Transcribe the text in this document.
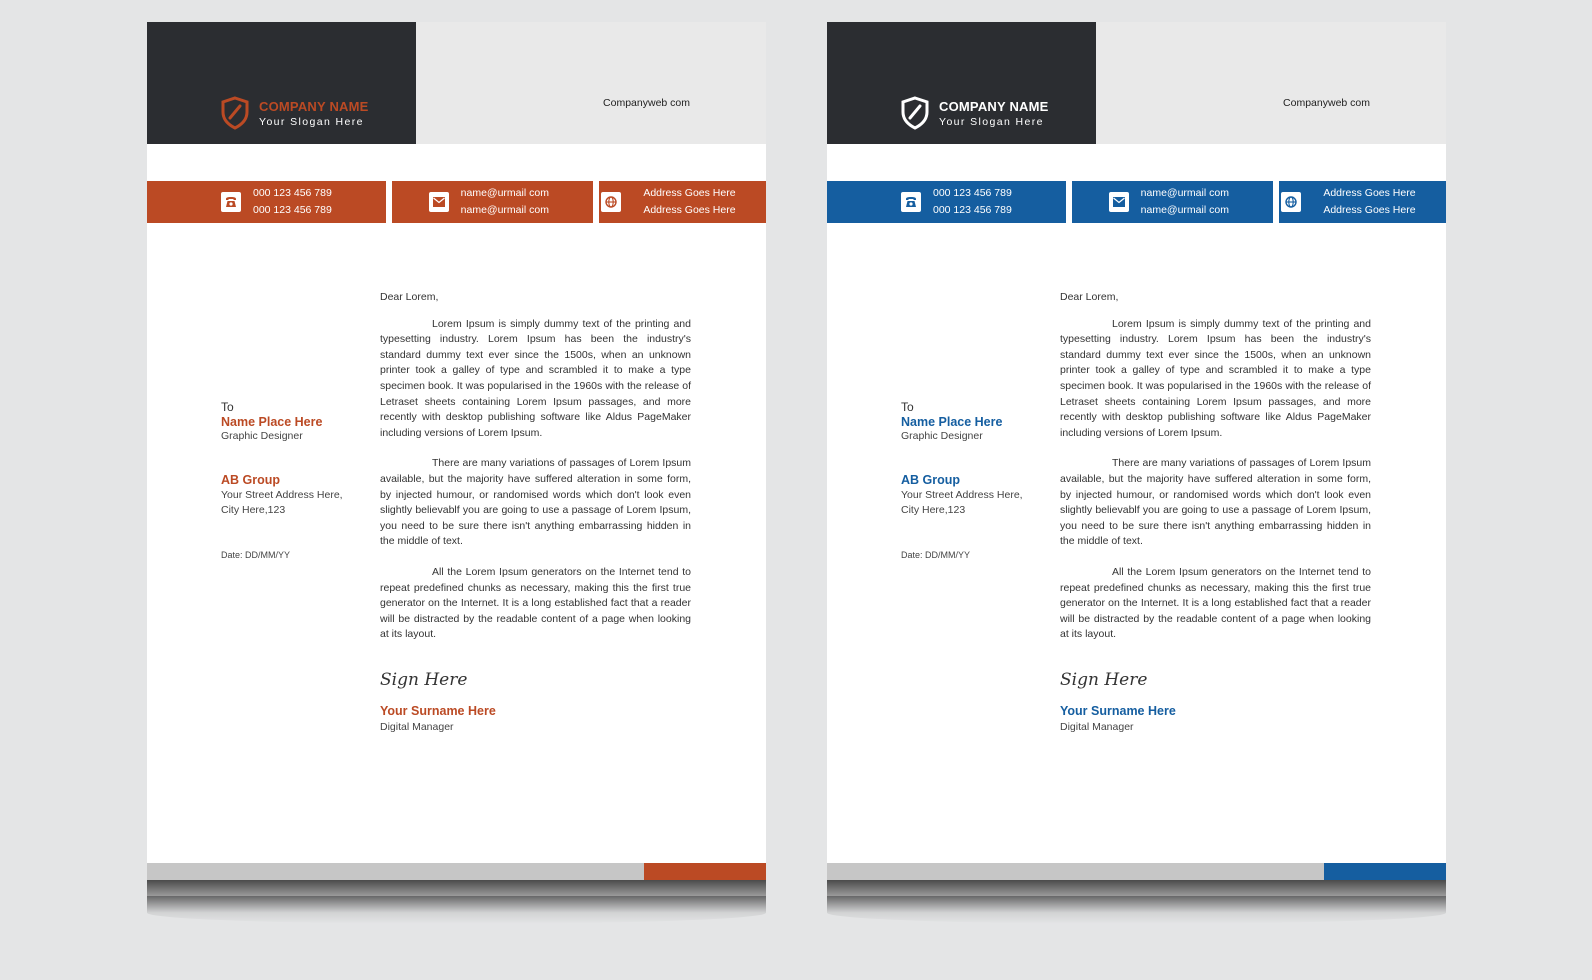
COMPANY NAME
Your Slogan Here
Companyweb com
000 123 456 789
000 123 456 789
name@urmail com
name@urmail com
Address Goes Here
Address Goes Here
To
Name Place Here
Graphic Designer
AB Group
Your Street Address Here,
City Here,123
Date: DD/MM/YY
Dear Lorem,

Lorem Ipsum is simply dummy text of the printing and typesetting industry. Lorem Ipsum has been the industry's standard dummy text ever since the 1500s, when an unknown printer took a galley of type and scrambled it to make a type specimen book. It was popularised in the 1960s with the release of Letraset sheets containing Lorem Ipsum passages, and more recently with desktop publishing software like Aldus PageMaker including versions of Lorem Ipsum.

There are many variations of passages of Lorem Ipsum available, but the majority have suffered alteration in some form, by injected humour, or randomised words which don't look even slightly believablf you are going to use a passage of Lorem Ipsum, you need to be sure there isn't anything embarrassing hidden in the middle of text.

All the Lorem Ipsum generators on the Internet tend to repeat predefined chunks as necessary, making this the first true generator on the Internet. It is a long established fact that a reader will be distracted by the readable content of a page when looking at its layout.

Sign Here
Your Surname Here
Digital Manager
COMPANY NAME
Your Slogan Here
Companyweb com
000 123 456 789
000 123 456 789
name@urmail com
name@urmail com
Address Goes Here
Address Goes Here
To
Name Place Here
Graphic Designer
AB Group
Your Street Address Here,
City Here,123
Date: DD/MM/YY
Dear Lorem,

Lorem Ipsum is simply dummy text of the printing and typesetting industry. Lorem Ipsum has been the industry's standard dummy text ever since the 1500s, when an unknown printer took a galley of type and scrambled it to make a type specimen book. It was popularised in the 1960s with the release of Letraset sheets containing Lorem Ipsum passages, and more recently with desktop publishing software like Aldus PageMaker including versions of Lorem Ipsum.

There are many variations of passages of Lorem Ipsum available, but the majority have suffered alteration in some form, by injected humour, or randomised words which don't look even slightly believablf you are going to use a passage of Lorem Ipsum, you need to be sure there isn't anything embarrassing hidden in the middle of text.

All the Lorem Ipsum generators on the Internet tend to repeat predefined chunks as necessary, making this the first true generator on the Internet. It is a long established fact that a reader will be distracted by the readable content of a page when looking at its layout.

Sign Here
Your Surname Here
Digital Manager
